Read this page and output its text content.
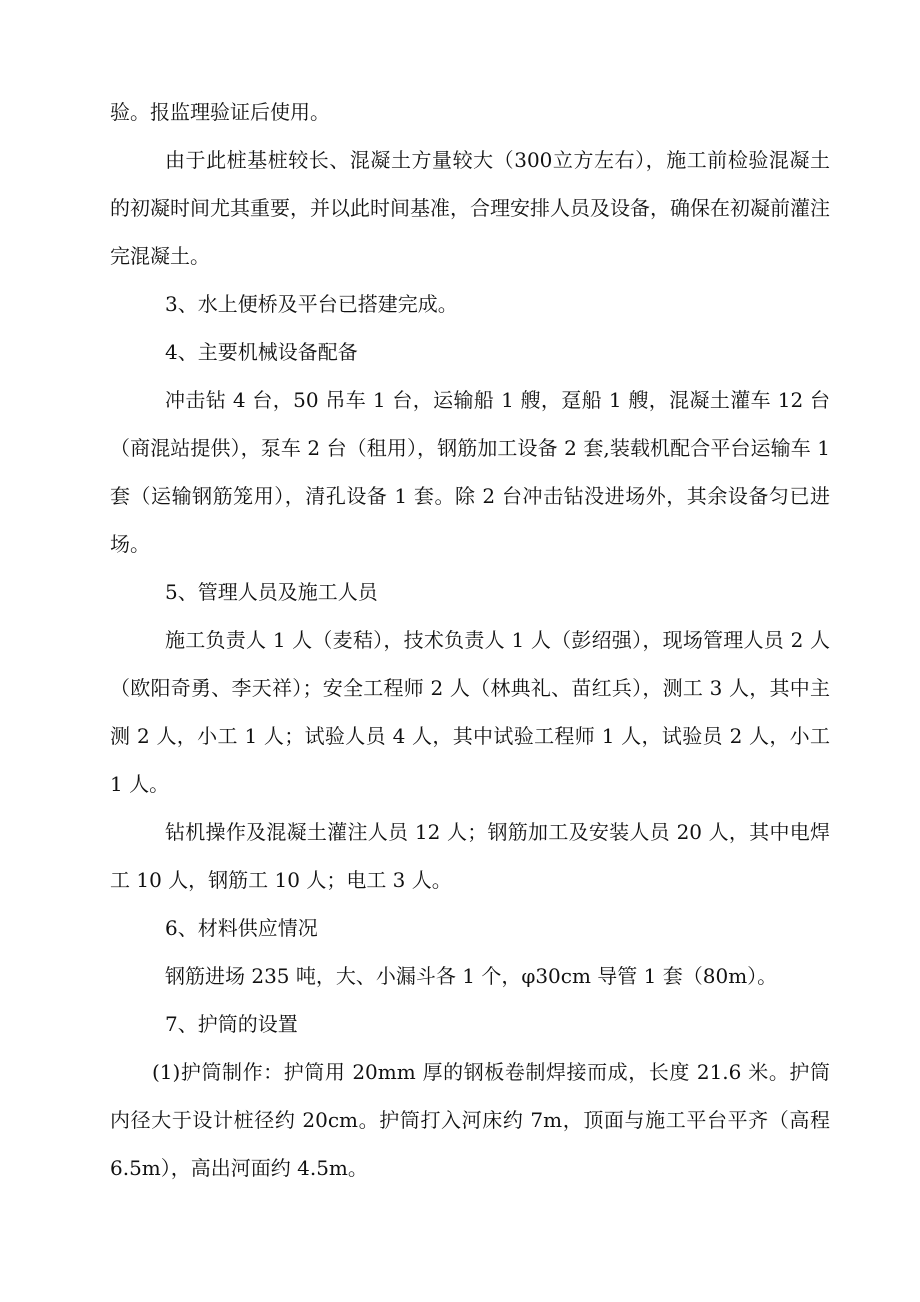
验。报监理验证后使用。

由于此桩基桩较长、混凝土方量较大（300立方左右），施工前检验混凝土的初凝时间尤其重要，并以此时间基准，合理安排人员及设备，确保在初凝前灌注完混凝土。

3、水上便桥及平台已搭建完成。

4、主要机械设备配备

冲击钻 4 台，50 吊车 1 台，运输船 1 艘，趸船 1 艘，混凝土灌车 12 台（商混站提供），泵车 2 台（租用），钢筋加工设备 2 套,装载机配合平台运输车 1 套（运输钢筋笼用），清孔设备 1 套。除 2 台冲击钻没进场外，其余设备匀已进场。

5、管理人员及施工人员

施工负责人 1 人（麦秸），技术负责人 1 人（彭绍强），现场管理人员 2 人（欧阳奇勇、李天祥）；安全工程师 2 人（林典礼、苗红兵），测工 3 人，其中主测 2 人，小工 1 人；试验人员 4 人，其中试验工程师 1 人，试验员 2 人，小工 1 人。

钻机操作及混凝土灌注人员 12 人；钢筋加工及安装人员 20 人，其中电焊工 10 人，钢筋工 10 人；电工 3 人。

6、材料供应情况

钢筋进场 235 吨，大、小漏斗各 1 个，φ30cm 导管 1 套（80m）。

7、护筒的设置

(1)护筒制作：护筒用 20mm 厚的钢板卷制焊接而成，长度 21.6 米。护筒内径大于设计桩径约 20cm。护筒打入河床约 7m，顶面与施工平台平齐（高程 6.5m），高出河面约 4.5m。
